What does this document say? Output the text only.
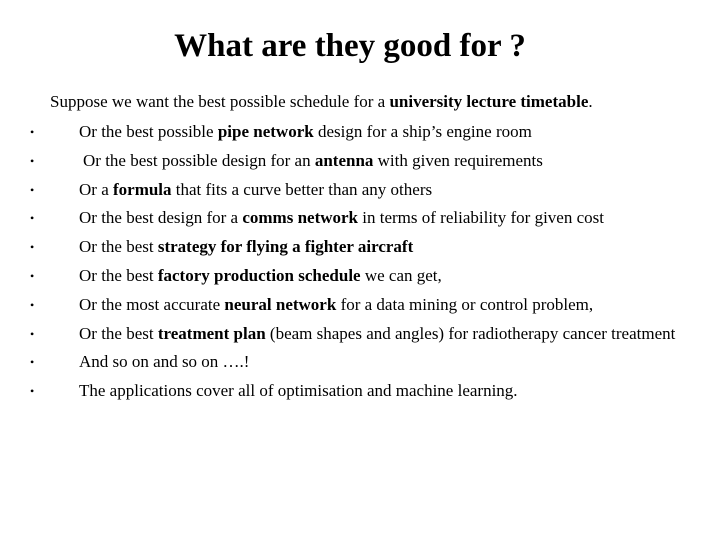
What are they good for ?
Suppose we want the best possible schedule for a university lecture timetable.
•	Or the best possible pipe network design for a ship’s engine room
•	Or the best possible design for an antenna with given requirements
•	Or a formula that fits a curve better than any others
•	Or the best design for a comms network in terms of reliability for given cost
•	Or the best strategy for flying a fighter aircraft
•	Or the best factory production schedule we can get,
•	Or the most accurate neural network for a data mining or control problem,
•	Or the best treatment plan (beam shapes and angles) for radiotherapy cancer treatment
•	And so on and so on ….!
•	The applications cover all of optimisation and machine learning.
